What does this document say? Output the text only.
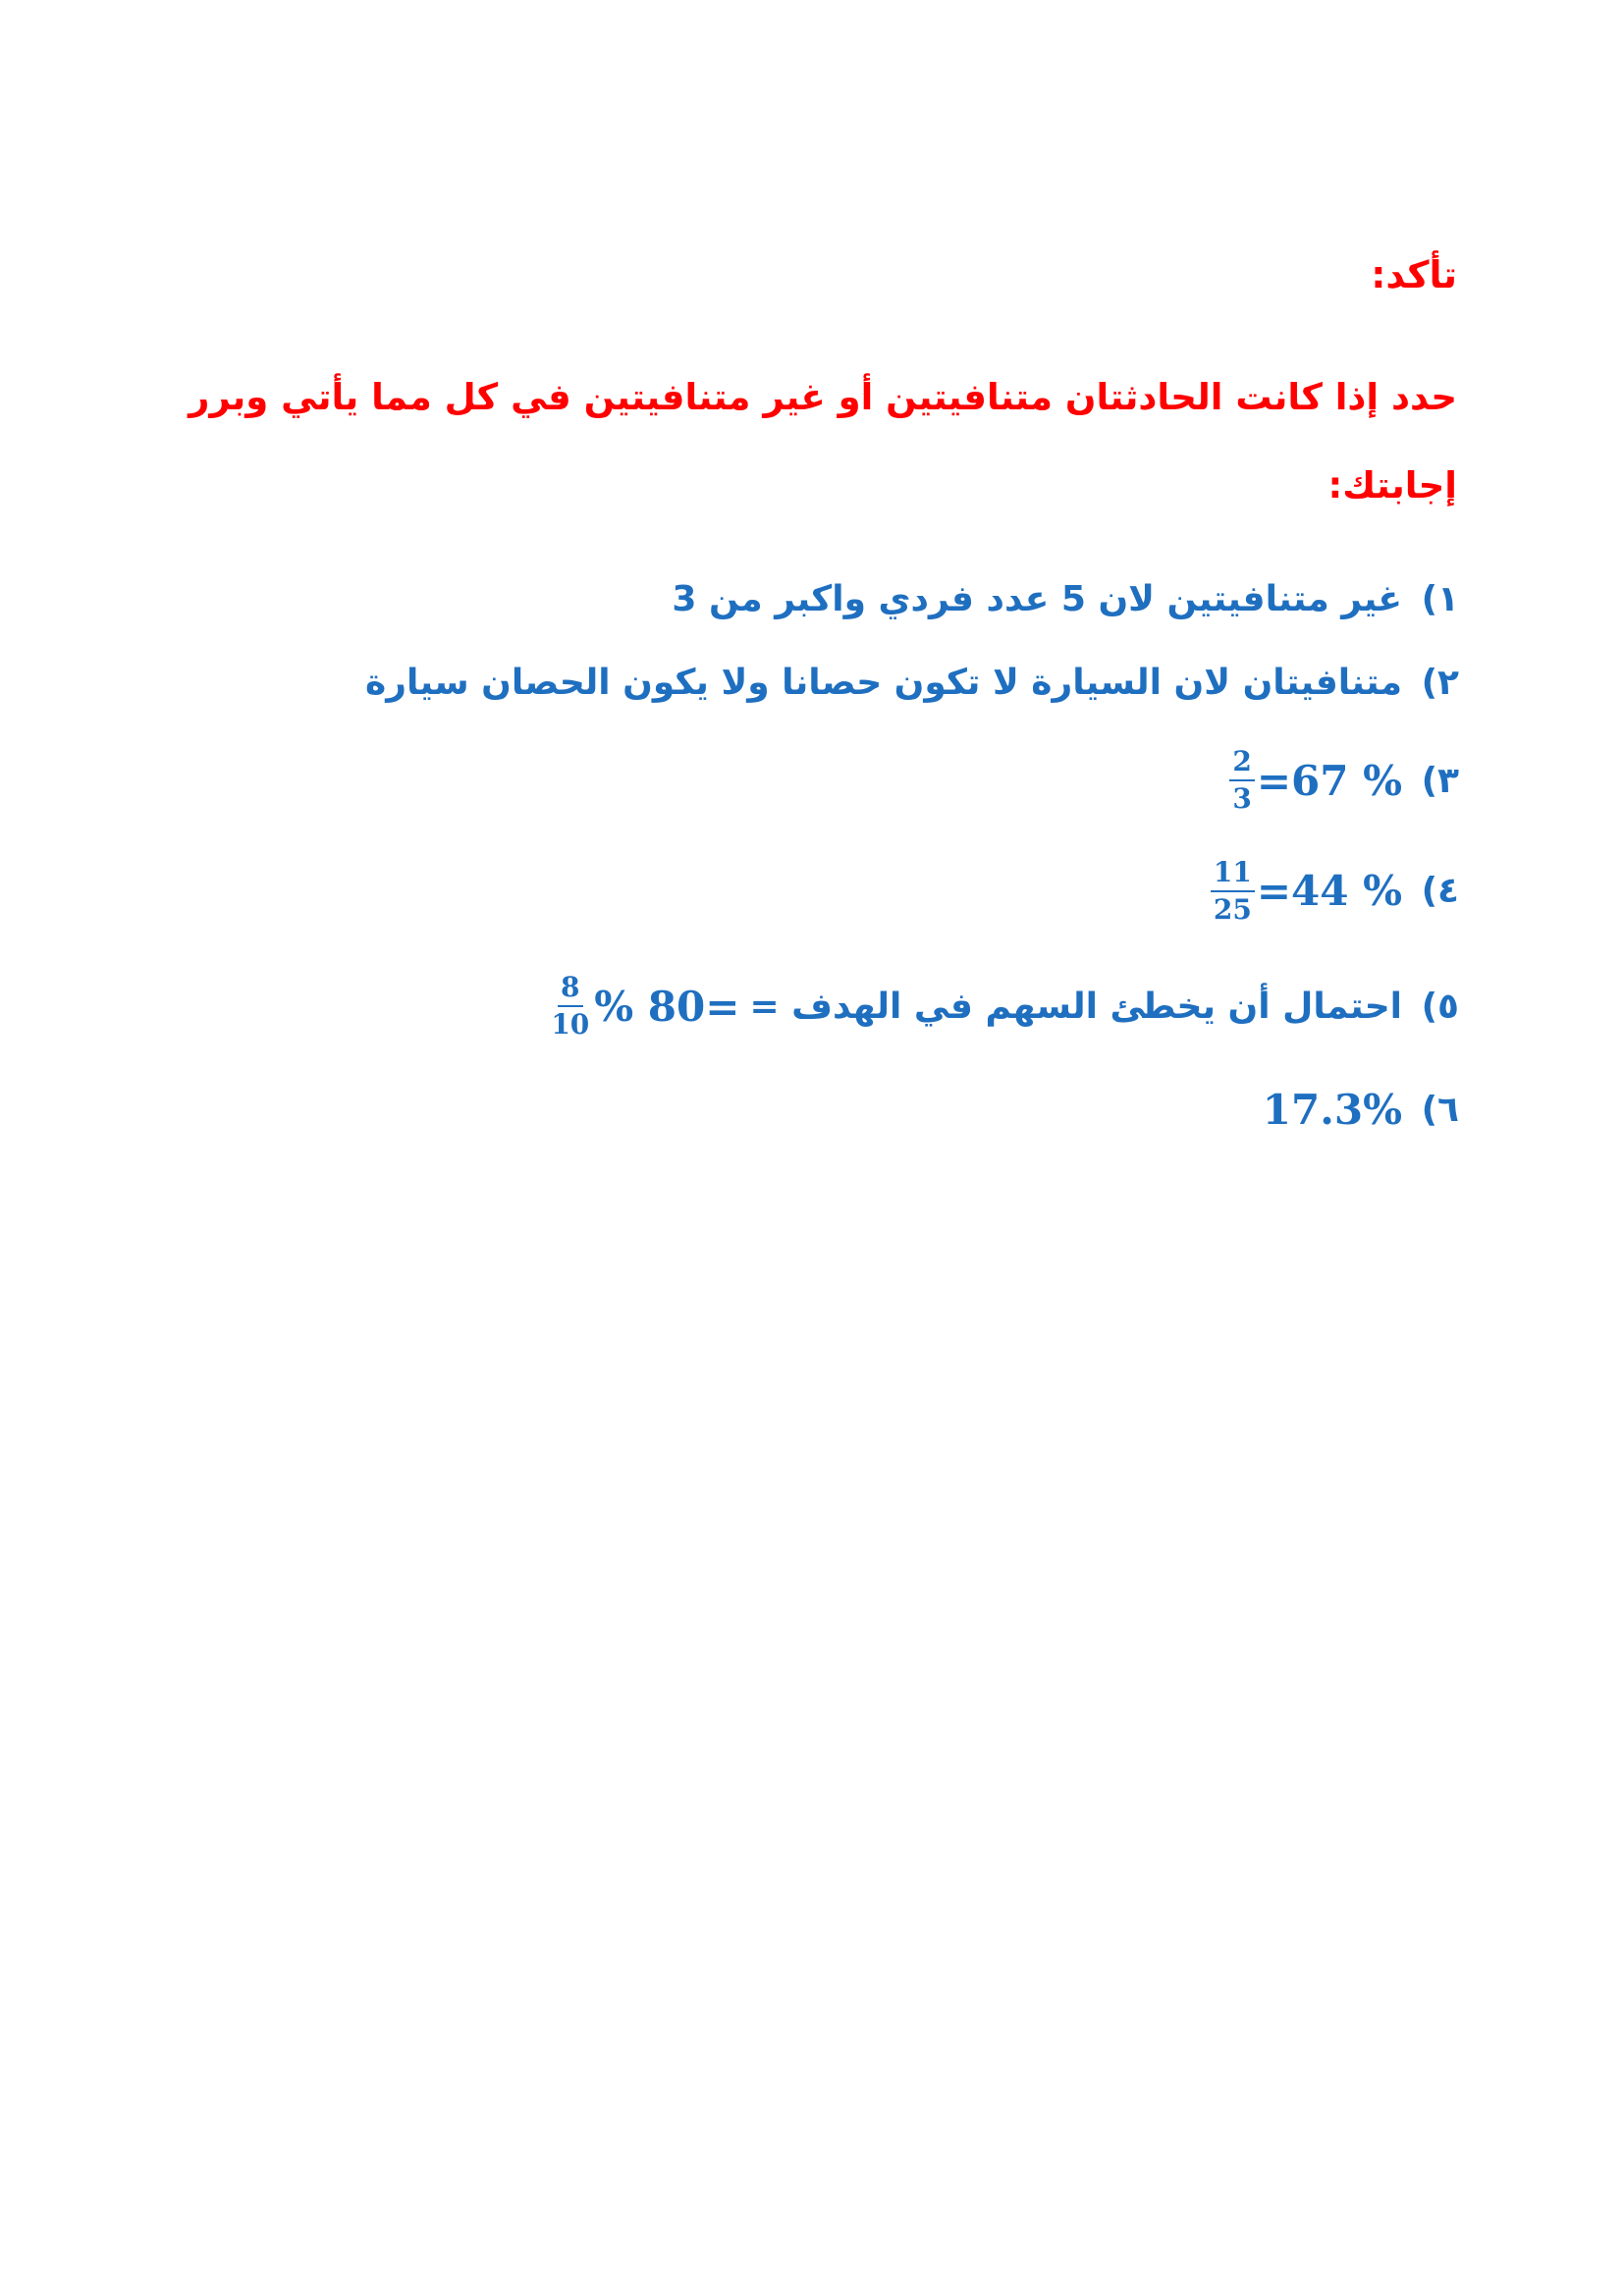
تأكد:
حدد إذا كانت الحادثتان متنافيتين أو غير متنافيتين في كل مما يأتي وبرر إجابتك:
١)
غير متنافيتين لان 5 عدد فردي واكبر من 3
٢)
متنافيتان لان السيارة لا تكون حصانا ولا يكون الحصان سيارة
٣)
$\frac{2}{3} =67$ %
٤)
$\frac{11}{25} =44$ %
٥)
احتمال أن يخطئ السهم في الهدف =
$\frac{8}{10}$ % 80=
٦)
17.3%
